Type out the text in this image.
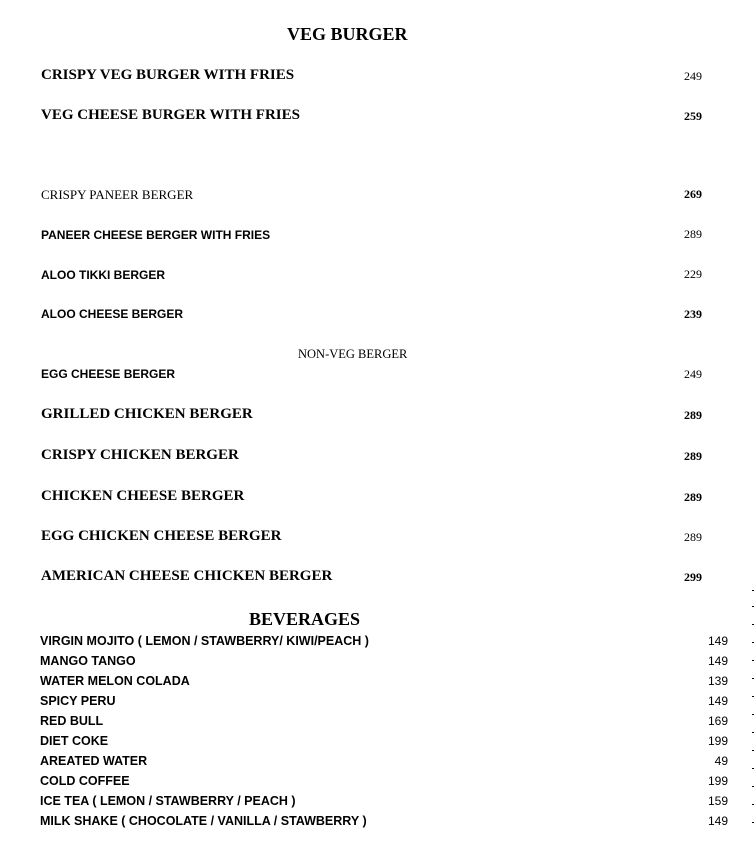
VEG BURGER
CRISPY VEG BURGER WITH FRIES	249
VEG CHEESE BURGER WITH FRIES	259
CRISPY PANEER BERGER	269
PANEER CHEESE BERGER WITH FRIES	289
ALOO TIKKI BERGER	229
ALOO CHEESE BERGER	239
NON-VEG BERGER
EGG CHEESE BERGER	249
GRILLED CHICKEN BERGER	289
CRISPY CHICKEN BERGER	289
CHICKEN CHEESE BERGER	289
EGG CHICKEN CHEESE BERGER	289
AMERICAN CHEESE CHICKEN BERGER	299
BEVERAGES
VIRGIN MOJITO ( LEMON / STAWBERRY/ KIWI/PEACH )	149
MANGO TANGO	149
WATER MELON COLADA	139
SPICY PERU	149
RED BULL	169
DIET COKE	199
AREATED WATER	49
COLD COFFEE	199
ICE TEA ( LEMON / STAWBERRY / PEACH )	159
MILK SHAKE ( CHOCOLATE / VANILLA / STAWBERRY )	149
